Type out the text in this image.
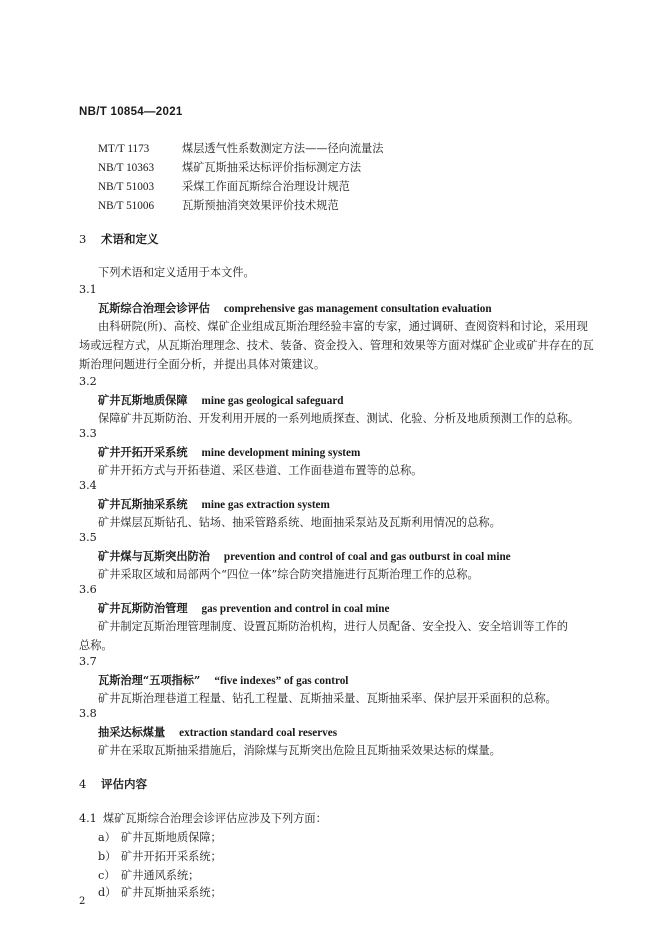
NB/T 10854—2021
MT/T 1173	煤层透气性系数测定方法——径向流量法
NB/T 10363 煤矿瓦斯抽采达标评价指标测定方法
NB/T 51003 采煤工作面瓦斯综合治理设计规范
NB/T 51006 瓦斯预抽消突效果评价技术规范
3 术语和定义
下列术语和定义适用于本文件。
3.1
瓦斯综合治理会诊评估 comprehensive gas management consultation evaluation
由科研院(所)、高校、煤矿企业组成瓦斯治理经验丰富的专家，通过调研、查阅资料和讨论，采用现
场或远程方式，从瓦斯治理理念、技术、装备、资金投入、管理和效果等方面对煤矿企业或矿井存在的瓦
斯治理问题进行全面分析，并提出具体对策建议。
3.2
矿井瓦斯地质保障 mine gas geological safeguard
保障矿井瓦斯防治、开发利用开展的一系列地质探查、测试、化验、分析及地质预测工作的总称。
3.3
矿井开拓开采系统 mine development mining system
矿井开拓方式与开拓巷道、采区巷道、工作面巷道布置等的总称。
3.4
矿井瓦斯抽采系统 mine gas extraction system
矿井煤层瓦斯钻孔、钻场、抽采管路系统、地面抽采泵站及瓦斯利用情况的总称。
3.5
矿井煤与瓦斯突出防治 prevention and control of coal and gas outburst in coal mine
矿井采取区域和局部两个“四位一体”综合防突措施进行瓦斯治理工作的总称。
3.6
矿井瓦斯防治管理 gas prevention and control in coal mine
矿井制定瓦斯治理管理制度、设置瓦斯防治机构，进行人员配备、安全投入、安全培训等工作的
总称。
3.7
瓦斯治理“五项指标” “five indexes” of gas control
矿井瓦斯治理巷道工程量、钻孔工程量、瓦斯抽采量、瓦斯抽采率、保护层开采面积的总称。
3.8
抽采达标煤量 extraction standard coal reserves
矿井在采取瓦斯抽采措施后，消除煤与瓦斯突出危险且瓦斯抽采效果达标的煤量。
4 评估内容
4.1 煤矿瓦斯综合治理会诊评估应涉及下列方面：
a） 矿井瓦斯地质保障；
b） 矿井开拓开采系统；
c） 矿井通风系统；
d） 矿井瓦斯抽采系统；
2
